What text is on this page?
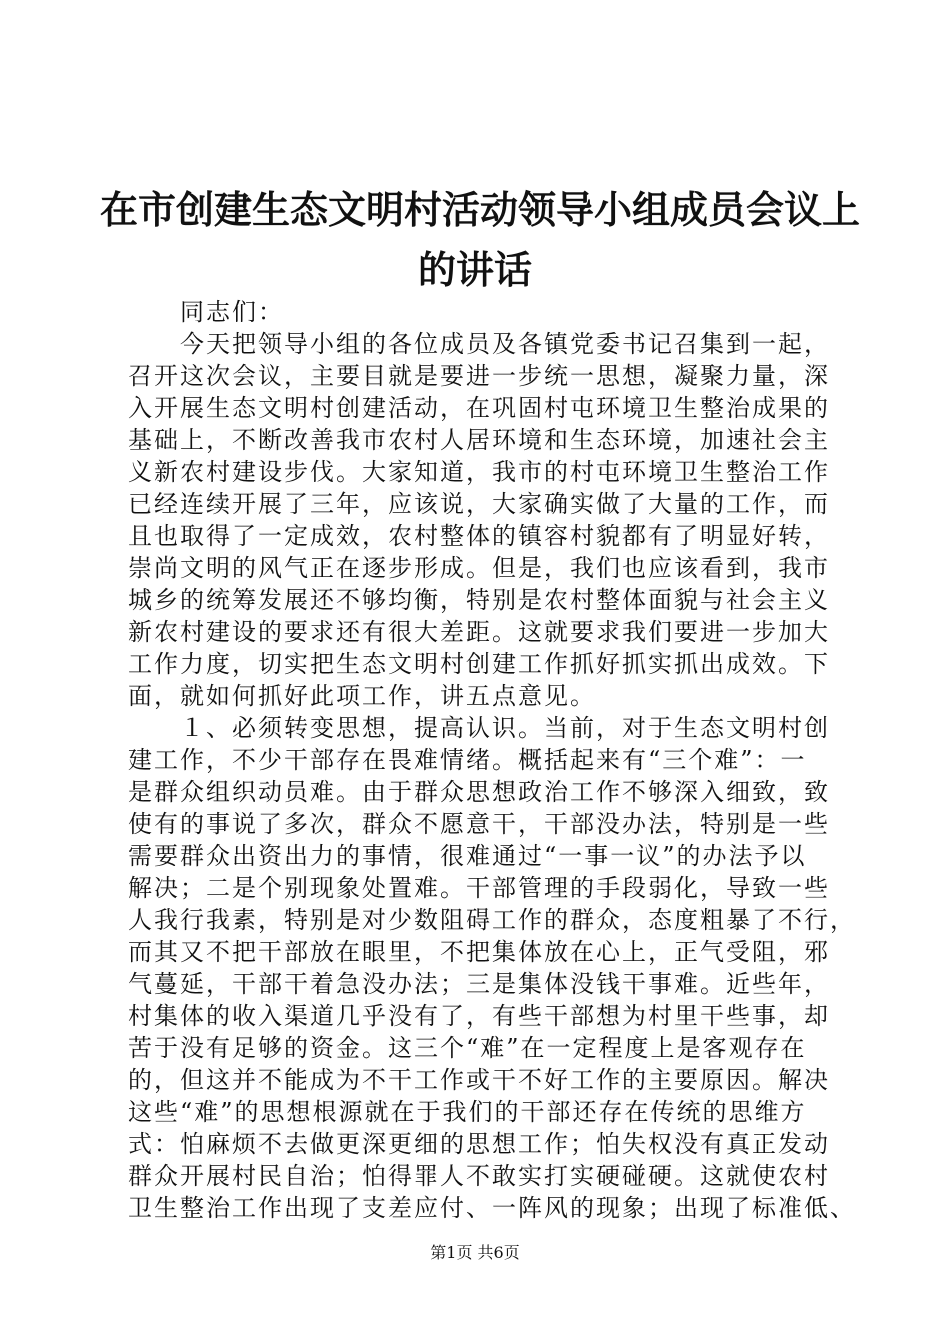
在市创建生态文明村活动领导小组成员会议上
的讲话
同志们：
今天把领导小组的各位成员及各镇党委书记召集到一起，
召开这次会议，主要目就是要进一步统一思想，凝聚力量，深
入开展生态文明村创建活动，在巩固村屯环境卫生整治成果的
基础上，不断改善我市农村人居环境和生态环境，加速社会主
义新农村建设步伐。大家知道，我市的村屯环境卫生整治工作
已经连续开展了三年，应该说，大家确实做了大量的工作，而
且也取得了一定成效，农村整体的镇容村貌都有了明显好转，
崇尚文明的风气正在逐步形成。但是，我们也应该看到，我市
城乡的统筹发展还不够均衡，特别是农村整体面貌与社会主义
新农村建设的要求还有很大差距。这就要求我们要进一步加大
工作力度，切实把生态文明村创建工作抓好抓实抓出成效。下
面，就如何抓好此项工作，讲五点意见。
１、必须转变思想，提高认识。当前，对于生态文明村创
建工作，不少干部存在畏难情绪。概括起来有“三个难”：一
是群众组织动员难。由于群众思想政治工作不够深入细致，致
使有的事说了多次，群众不愿意干，干部没办法，特别是一些
需要群众出资出力的事情，很难通过“一事一议”的办法予以
解决；二是个别现象处置难。干部管理的手段弱化，导致一些
人我行我素，特别是对少数阻碍工作的群众，态度粗暴了不行，
而其又不把干部放在眼里，不把集体放在心上，正气受阻，邪
气蔓延，干部干着急没办法；三是集体没钱干事难。近些年，
村集体的收入渠道几乎没有了，有些干部想为村里干些事，却
苦于没有足够的资金。这三个“难”在一定程度上是客观存在
的，但这并不能成为不干工作或干不好工作的主要原因。解决
这些“难”的思想根源就在于我们的干部还存在传统的思维方
式：怕麻烦不去做更深更细的思想工作；怕失权没有真正发动
群众开展村民自治；怕得罪人不敢实打实硬碰硬。这就使农村
卫生整治工作出现了支差应付、一阵风的现象；出现了标准低、
第1页 共6页
